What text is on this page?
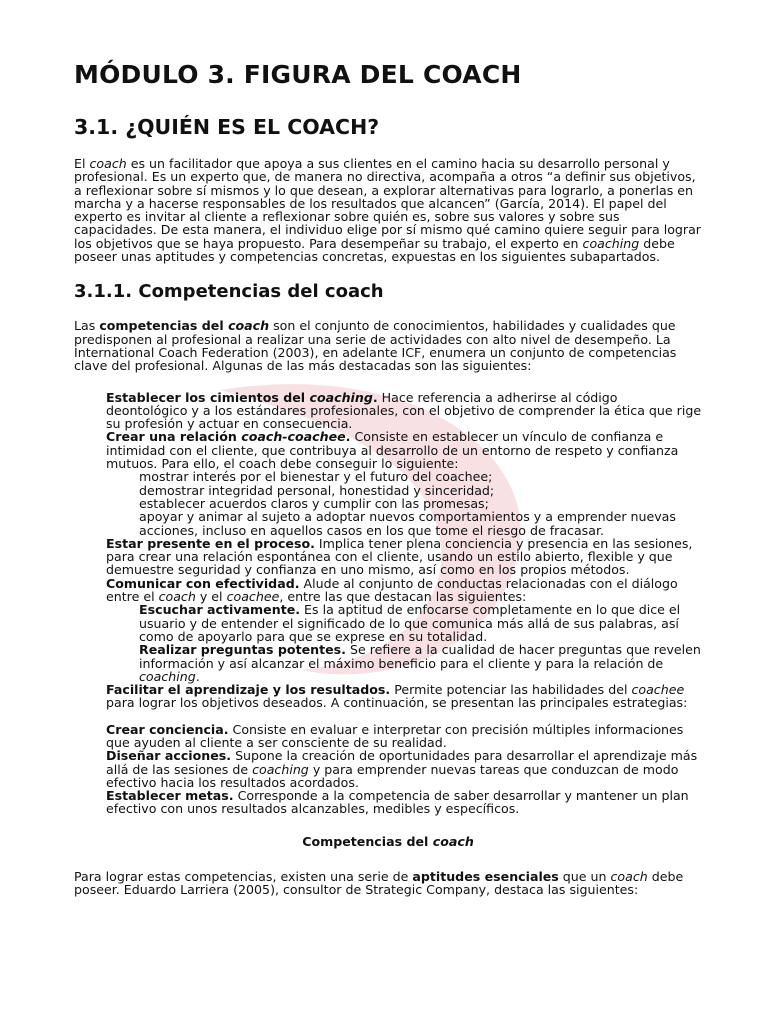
MÓDULO 3. FIGURA DEL COACH
3.1. ¿QUIÉN ES EL COACH?

El coach es un facilitador que apoya a sus clientes en el camino hacia su desarrollo personal y profesional. Es un experto que, de manera no directiva, acompaña a otros “a definir sus objetivos, a reflexionar sobre sí mismos y lo que desean, a explorar alternativas para lograrlo, a ponerlas en marcha y a hacerse responsables de los resultados que alcancen” (García, 2014). El papel del experto es invitar al cliente a reflexionar sobre quién es, sobre sus valores y sobre sus capacidades. De esta manera, el individuo elige por sí mismo qué camino quiere seguir para lograr los objetivos que se haya propuesto. Para desempeñar su trabajo, el experto en coaching debe poseer unas aptitudes y competencias concretas, expuestas en los siguientes subapartados.

3.1.1. Competencias del coach

Las competencias del coach son el conjunto de conocimientos, habilidades y cualidades que predisponen al profesional a realizar una serie de actividades con alto nivel de desempeño. La International Coach Federation (2003), en adelante ICF, enumera un conjunto de competencias clave del profesional. Algunas de las más destacadas son las siguientes:

Establecer los cimientos del coaching. Hace referencia a adherirse al código deontológico y a los estándares profesionales, con el objetivo de comprender la ética que rige su profesión y actuar en consecuencia.
Crear una relación coach-coachee. Consiste en establecer un vínculo de confianza e intimidad con el cliente, que contribuya al desarrollo de un entorno de respeto y confianza mutuos. Para ello, el coach debe conseguir lo siguiente:
mostrar interés por el bienestar y el futuro del coachee;
demostrar integridad personal, honestidad y sinceridad;
establecer acuerdos claros y cumplir con las promesas;
apoyar y animar al sujeto a adoptar nuevos comportamientos y a emprender nuevas acciones, incluso en aquellos casos en los que tome el riesgo de fracasar.
Estar presente en el proceso. Implica tener plena conciencia y presencia en las sesiones, para crear una relación espontánea con el cliente, usando un estilo abierto, flexible y que demuestre seguridad y confianza en uno mismo, así como en los propios métodos.
Comunicar con efectividad. Alude al conjunto de conductas relacionadas con el diálogo entre el coach y el coachee, entre las que destacan las siguientes:
Escuchar activamente. Es la aptitud de enfocarse completamente en lo que dice el usuario y de entender el significado de lo que comunica más allá de sus palabras, así como de apoyarlo para que se exprese en su totalidad.
Realizar preguntas potentes. Se refiere a la cualidad de hacer preguntas que revelen información y así alcanzar el máximo beneficio para el cliente y para la relación de coaching.
Facilitar el aprendizaje y los resultados. Permite potenciar las habilidades del coachee para lograr los objetivos deseados. A continuación, se presentan las principales estrategias:
Crear conciencia. Consiste en evaluar e interpretar con precisión múltiples informaciones que ayuden al cliente a ser consciente de su realidad.
Diseñar acciones. Supone la creación de oportunidades para desarrollar el aprendizaje más allá de las sesiones de coaching y para emprender nuevas tareas que conduzcan de modo efectivo hacia los resultados acordados.
Establecer metas. Corresponde a la competencia de saber desarrollar y mantener un plan efectivo con unos resultados alcanzables, medibles y específicos.
Competencias del coach

Para lograr estas competencias, existen una serie de aptitudes esenciales que un coach debe poseer. Eduardo Larriera (2005), consultor de Strategic Company, destaca las siguientes:
